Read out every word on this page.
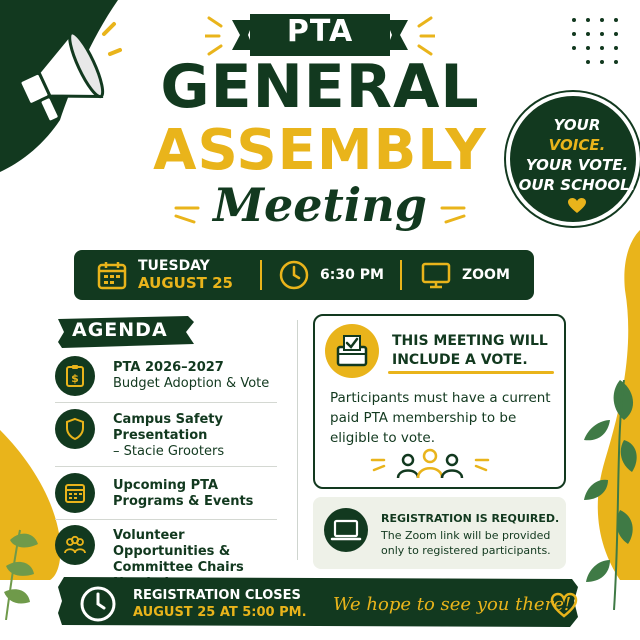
PTA
GENERAL
ASSEMBLY
Meeting
YOUR
VOICE.
YOUR VOTE.
OUR SCHOOL.
TUESDAY
AUGUST 25	6:30 PM	ZOOM
AGENDA
$
PTA 2026–2027
Budget Adoption & Vote
Campus Safety Presentation
– Stacie Grooters
Upcoming PTA Programs & Events
Volunteer Opportunities & Committee Chairs
THIS MEETING WILL INCLUDE A VOTE.
Participants must have a current paid PTA membership to be eligible to vote.
REGISTRATION IS REQUIRED.
The Zoom link will be provided only to registered participants.
REGISTRATION CLOSES
AUGUST 25 AT 5:00 PM. We hope to see you there!
